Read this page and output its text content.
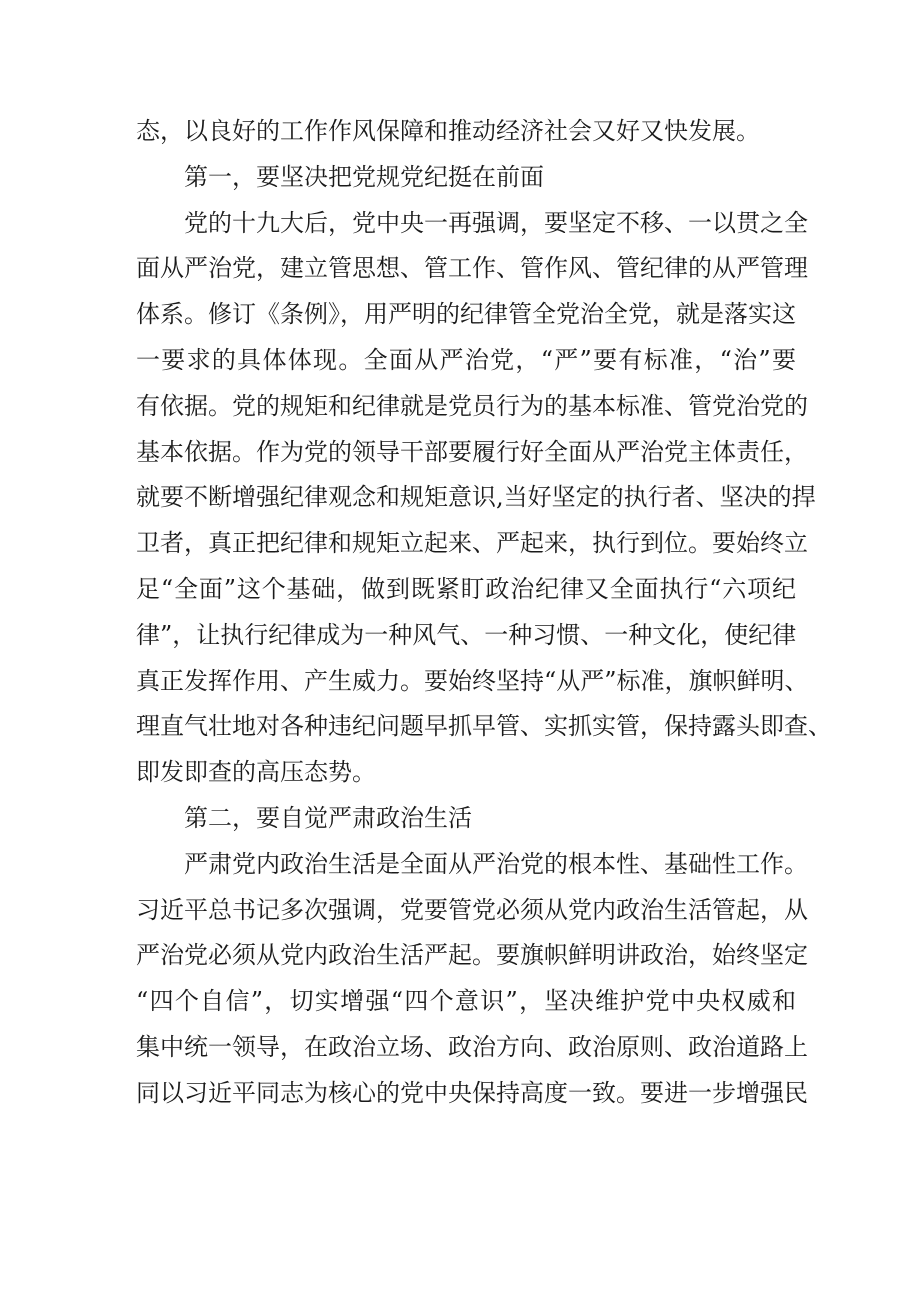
态，以良好的工作作风保障和推动经济社会又好又快发展。
第一，要坚决把党规党纪挺在前面
党的十九大后，党中央一再强调，要坚定不移、一以贯之全
面从严治党，建立管思想、管工作、管作风、管纪律的从严管理
体系。修订《条例》，用严明的纪律管全党治全党，就是落实这
一要求的具体体现。全面从严治党，“严”要有标准，“治”要
有依据。党的规矩和纪律就是党员行为的基本标准、管党治党的
基本依据。作为党的领导干部要履行好全面从严治党主体责任，
就要不断增强纪律观念和规矩意识,当好坚定的执行者、坚决的捍
卫者，真正把纪律和规矩立起来、严起来，执行到位。要始终立
足“全面”这个基础，做到既紧盯政治纪律又全面执行“六项纪
律”，让执行纪律成为一种风气、一种习惯、一种文化，使纪律
真正发挥作用、产生威力。要始终坚持“从严”标准，旗帜鲜明、
理直气壮地对各种违纪问题早抓早管、实抓实管，保持露头即查、
即发即查的高压态势。
第二，要自觉严肃政治生活
严肃党内政治生活是全面从严治党的根本性、基础性工作。
习近平总书记多次强调，党要管党必须从党内政治生活管起，从
严治党必须从党内政治生活严起。要旗帜鲜明讲政治，始终坚定
“四个自信”，切实增强“四个意识”，坚决维护党中央权威和
集中统一领导，在政治立场、政治方向、政治原则、政治道路上
同以习近平同志为核心的党中央保持高度一致。要进一步增强民
